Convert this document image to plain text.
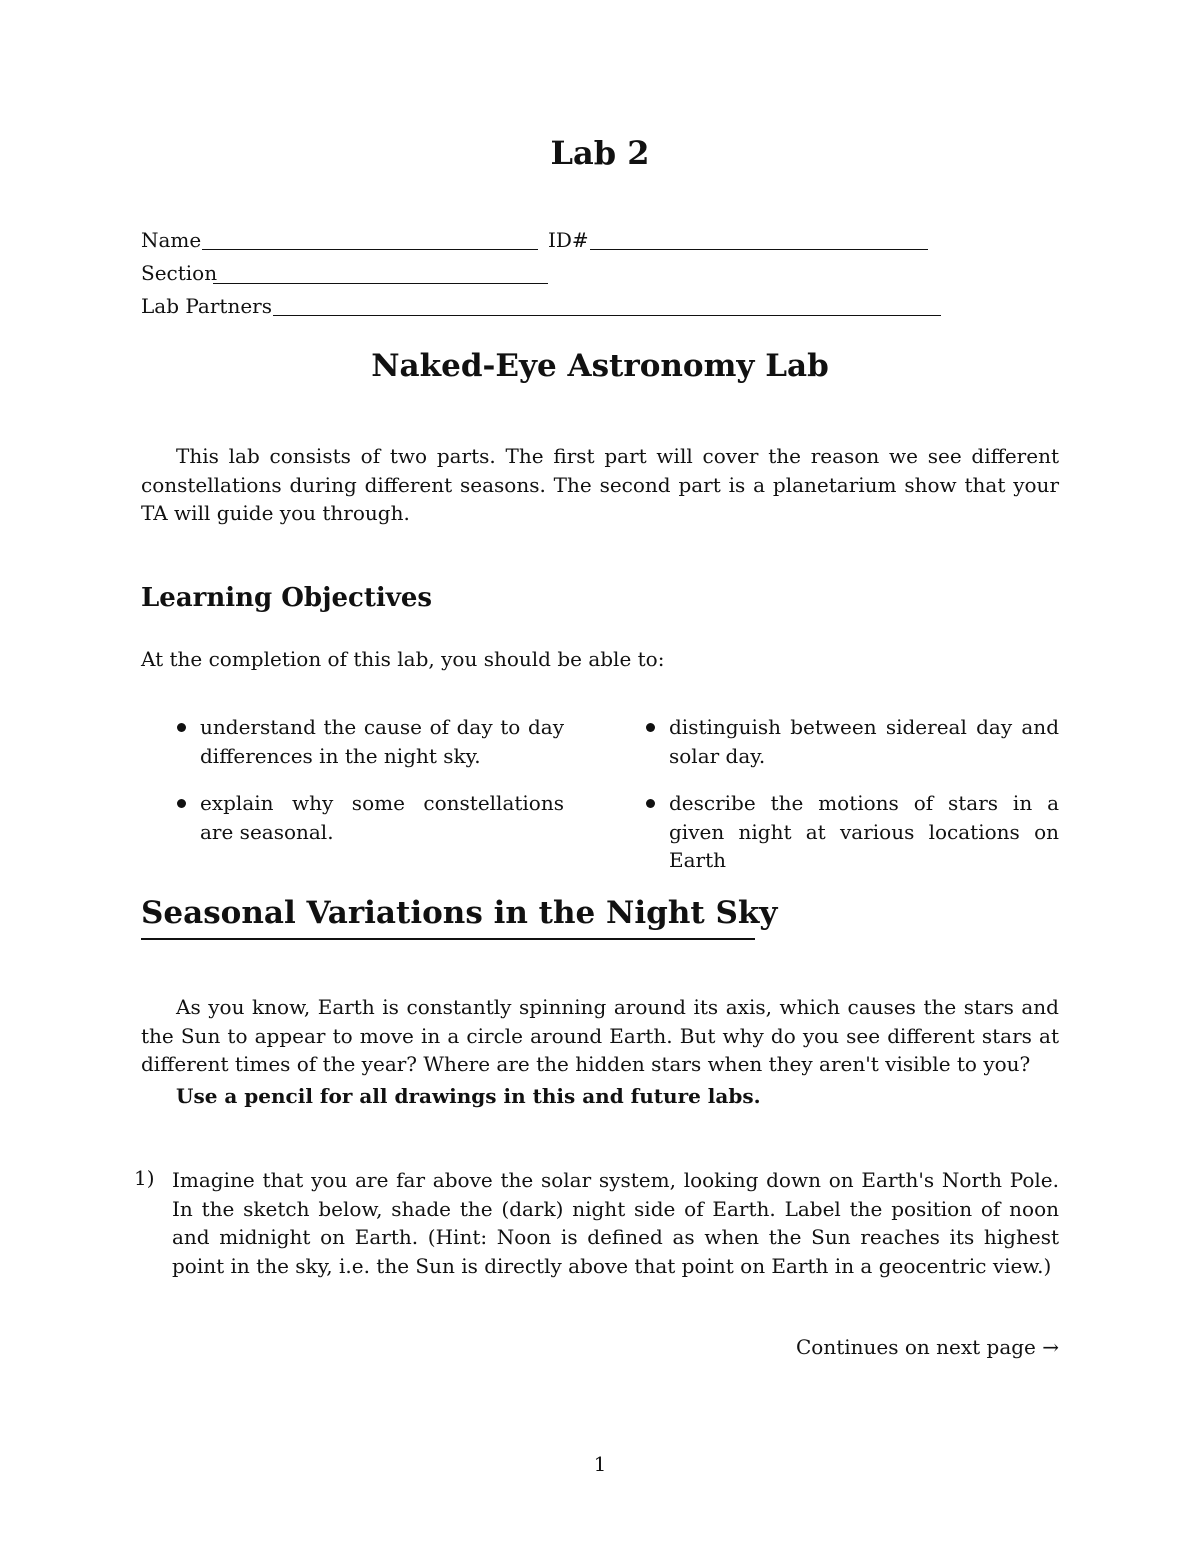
Lab 2
Name	ID#
Section
Lab Partners
Naked-Eye Astronomy Lab
This lab consists of two parts. The first part will cover the reason we see different constellations during different seasons. The second part is a planetarium show that your TA will guide you through.
Learning Objectives
At the completion of this lab, you should be able to:
understand the cause of day to day differences in the night sky.
explain why some constellations are seasonal.
distinguish between sidereal day and solar day.
describe the motions of stars in a given night at various locations on Earth
Seasonal Variations in the Night Sky
As you know, Earth is constantly spinning around its axis, which causes the stars and the Sun to appear to move in a circle around Earth. But why do you see different stars at different times of the year? Where are the hidden stars when they aren't visible to you?
Use a pencil for all drawings in this and future labs.
1) Imagine that you are far above the solar system, looking down on Earth's North Pole. In the sketch below, shade the (dark) night side of Earth. Label the position of noon and midnight on Earth. (Hint: Noon is defined as when the Sun reaches its highest point in the sky, i.e. the Sun is directly above that point on Earth in a geocentric view.)
Continues on next page →
1
